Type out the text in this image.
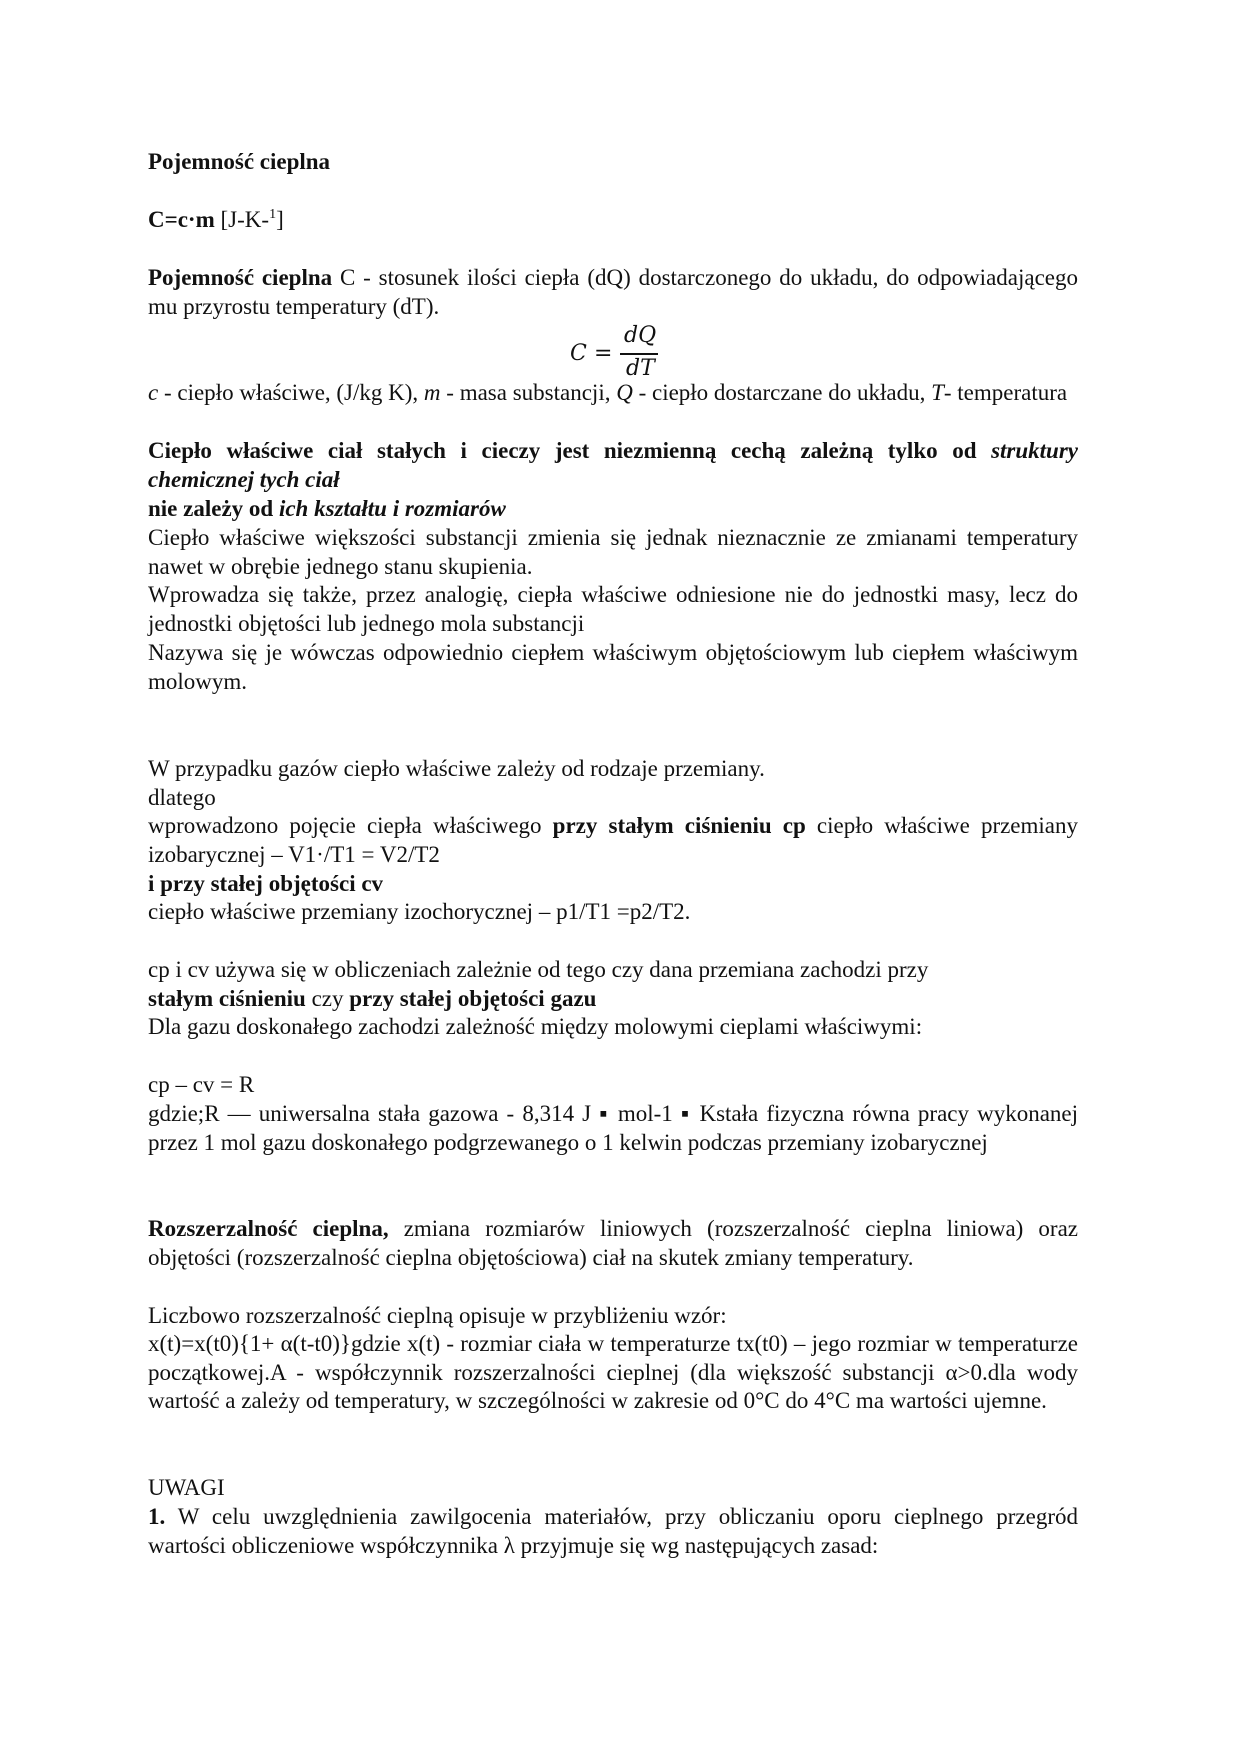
Pojemność cieplna
C=c·m [J-K-$^1$]
Pojemność cieplna C - stosunek ilości ciepła (dQ) dostarczonego do układu, do odpowiadającego mu przyrostu temperatury (dT).
C =
dQ
dT
c - ciepło właściwe, (J/kg K), m - masa substancji, Q - ciepło dostarczane do układu, T- temperatura
Ciepło właściwe ciał stałych i cieczy jest niezmienną cechą zależną tylko od struktury chemicznej tych ciał
nie zależy od ich kształtu i rozmiarów
Ciepło właściwe większości substancji zmienia się jednak nieznacznie ze zmianami temperatury nawet w obrębie jednego stanu skupienia.
Wprowadza się także, przez analogię, ciepła właściwe odniesione nie do jednostki masy, lecz do jednostki objętości lub jednego mola substancji
Nazywa się je wówczas odpowiednio ciepłem właściwym objętościowym lub ciepłem właściwym molowym.
W przypadku gazów ciepło właściwe zależy od rodzaje przemiany.
dlatego
wprowadzono pojęcie ciepła właściwego przy stałym ciśnieniu cp ciepło właściwe przemiany izobarycznej – V1·/T1 = V2/T2
i przy stałej objętości cv
ciepło właściwe przemiany izochorycznej – p1/T1 =p2/T2.
cp i cv używa się w obliczeniach zależnie od tego czy dana przemiana zachodzi przy
stałym ciśnieniu czy przy stałej objętości gazu
Dla gazu doskonałego zachodzi zależność między molowymi cieplami właściwymi:
cp – cv = R
gdzie;R — uniwersalna stała gazowa - 8,314 J ▪ mol-1 ▪ Kstała fizyczna równa pracy wykonanej przez 1 mol gazu doskonałego podgrzewanego o 1 kelwin podczas przemiany izobarycznej
Rozszerzalność cieplna, zmiana rozmiarów liniowych (rozszerzalność cieplna liniowa) oraz objętości (rozszerzalność cieplna objętościowa) ciał na skutek zmiany temperatury.
Liczbowo rozszerzalność cieplną opisuje w przybliżeniu wzór:
x(t)=x(t0){1+ α(t-t0)}gdzie x(t) - rozmiar ciała w temperaturze tx(t0) – jego rozmiar w temperaturze początkowej.A - współczynnik rozszerzalności cieplnej (dla większość substancji α>0.dla wody wartość a zależy od temperatury, w szczególności w zakresie od 0°C do 4°C ma wartości ujemne.
UWAGI
1. W celu uwzględnienia zawilgocenia materiałów, przy obliczaniu oporu cieplnego przegród wartości obliczeniowe współczynnika λ przyjmuje się wg następujących zasad:
